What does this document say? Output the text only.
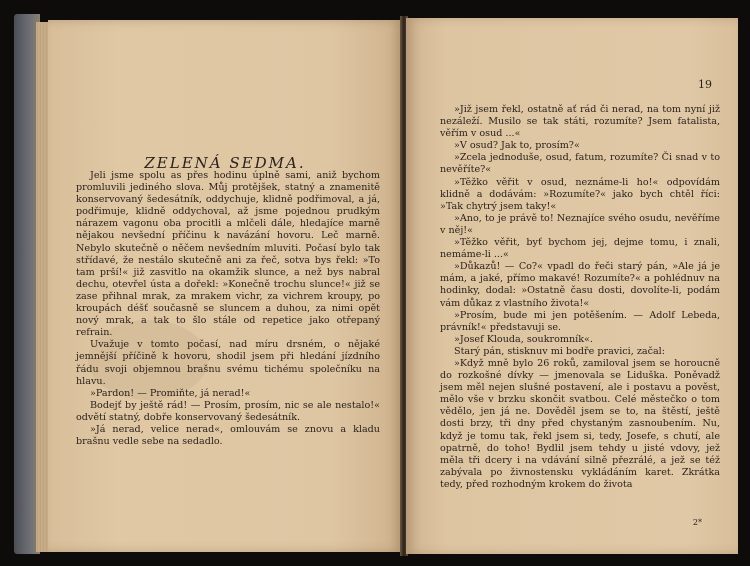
ZELENÁ SEDMA.

Jeli jsme spolu as přes hodinu úplně sami, aniž bychom promluvili jediného slova. Můj protějšek, statný a znamenitě konservovaný šedesátník, oddychuje, klidně podřimoval, a já, podřimuje, klidně oddychoval, až jsme pojednou prudkým nárazem vagonu oba procitli a mlčeli dále, hledajíce marně nějakou nevšední příčinu k navázání hovoru. Leč marně. Nebylo skutečně o něčem nevšedním mluviti. Počasí bylo tak střídavé, že nestálo skutečně ani za řeč, sotva bys řekl: »To tam prší!« již zasvitlo na okamžik slunce, a než bys nabral dechu, otevřel ústa a dořekl: »Konečně trochu slunce!« již se zase přihnal mrak, za mrakem vichr, za vichrem kroupy, po kroupách déšť současně se sluncem a duhou, za nimi opět nový mrak, a tak to šlo stále od repetice jako otřepaný refrain.

Uvažuje v tomto počasí, nad míru drsném, o nějaké jemnější příčině k hovoru, shodil jsem při hledání jízdního řádu svoji objemnou brašnu svému tichému společníku na hlavu.

»Pardon! — Promiňte, já nerad!«

Bodejť by ještě rád! — Prosím, prosím, nic se ale nestalo!« odvětí statný, dobře konservovaný šedesátník.

»Já nerad, velice nerad«, omlouvám se znovu a kladu brašnu vedle sebe na sedadlo.

19

»Již jsem řekl, ostatně ať rád či nerad, na tom nyní již nezáleží. Musilo se tak státi, rozumíte? Jsem fatalista, věřím v osud ...«

»V osud? Jak to, prosím?«

»Zcela jednoduše, osud, fatum, rozumíte? Či snad v to nevěříte?«

»Těžko věřit v osud, neznáme-li ho!« odpovídám klidně a dodávám: »Rozumíte?« jako bych chtěl říci: »Tak chytrý jsem taky!«

»Ano, to je právě to! Neznajíce svého osudu, nevěříme v něj!«

»Těžko věřit, byť bychom jej, dejme tomu, i znali, nemáme-li ...«

»Důkazů! — Co?« vpadl do řeči starý pán, »Ale já je mám, a jaké, přímo makavé! Rozumíte?« a pohlédnuv na hodinky, dodal: »Ostatně času dosti, dovolíte-li, podám vám důkaz z vlastního života!«

»Prosím, bude mi jen potěšením. — Adolf Lebeda, právník!« představuji se.

»Josef Klouda, soukromník«.

Starý pán, stisknuv mi bodře pravici, začal:

»Když mně bylo 26 roků, zamiloval jsem se horoucně do rozkošné dívky — jmenovala se Liduška. Poněvadž jsem měl nejen slušné postavení, ale i postavu a pověst, mělo vše v brzku skončit svatbou. Celé městečko o tom vědělo, jen já ne. Dověděl jsem se to, na štěstí, ještě dosti brzy, tři dny před chystaným zasnoubením. Nu, když je tomu tak, řekl jsem si, tedy, Josefe, s chutí, ale opatrně, do toho! Bydlil jsem tehdy u jisté vdovy, jež měla tři dcery i na vdávání silně přezrálé, a jež se též zabývala po živnostensku vykládáním karet. Zkrátka tedy, před rozhodným krokem do života

2*
